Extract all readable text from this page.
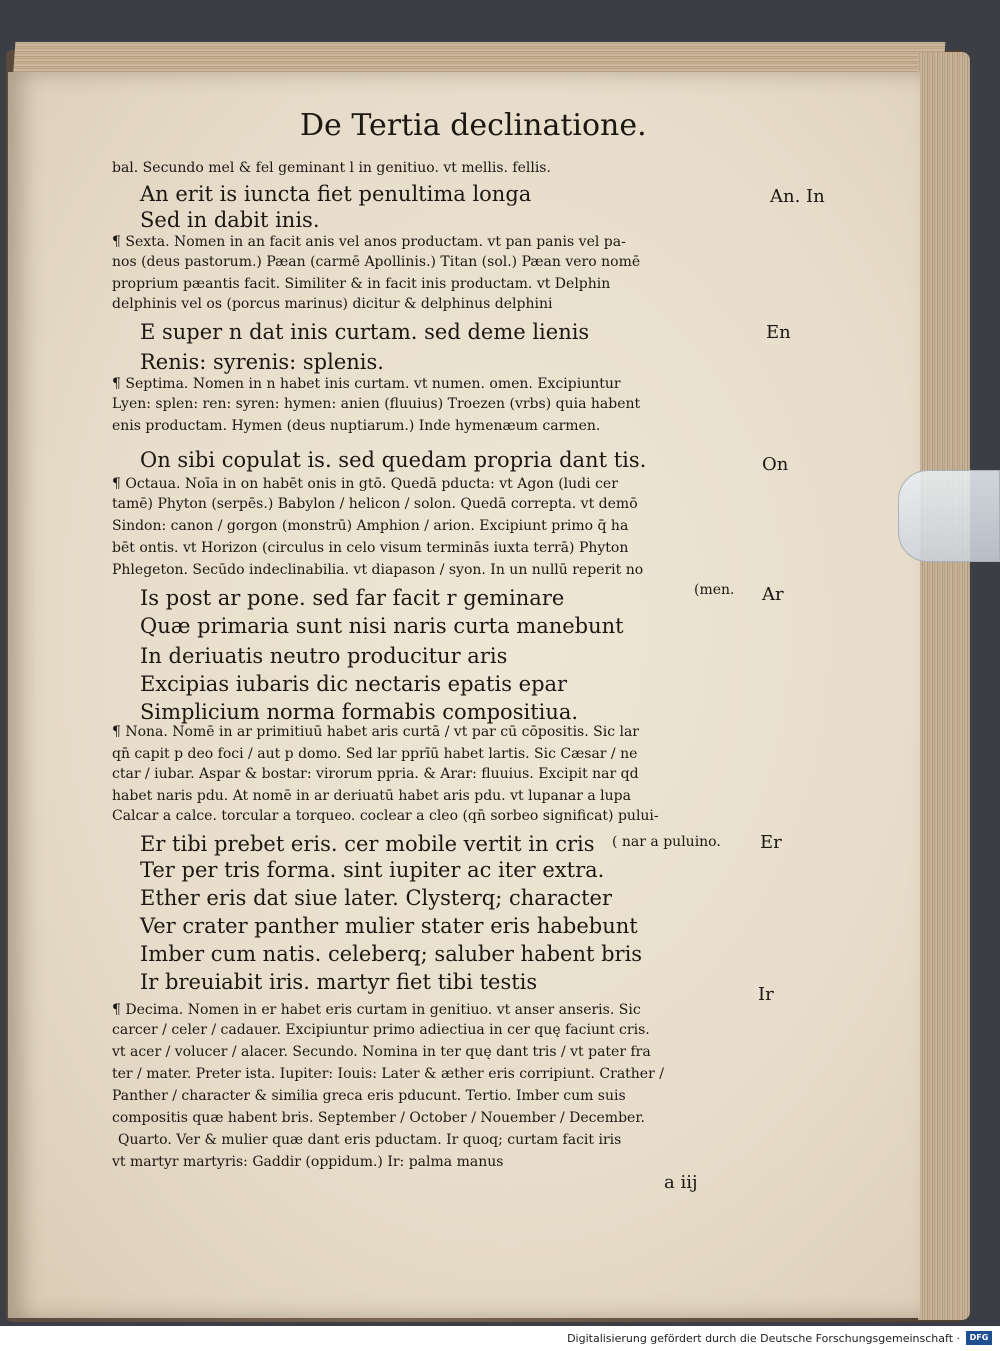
De Tertia declinatione.
bal. Secundo mel & fel geminant l in genitiuo. vt mellis. fellis.
An erit is iuncta fiet penultima longa
Sed in dabit inis.
¶ Sexta. Nomen in an facit anis vel anos productam. vt pan panis vel pa-
nos (deus pastorum.) Pæan (carmē Apollinis.) Titan (sol.) Pæan vero nomē
proprium pæantis facit. Similiter & in facit inis productam. vt Delphin
delphinis vel os (porcus marinus) dicitur & delphinus delphini
E super n dat inis curtam. sed deme lienis
Renis: syrenis: splenis.
¶ Septima. Nomen in n habet inis curtam. vt numen. omen. Excipiuntur
Lyen: splen: ren: syren: hymen: anien (fluuius) Troezen (vrbs) quia habent
enis productam. Hymen (deus nuptiarum.) Inde hymenæum carmen.
On sibi copulat is. sed quedam propria dant tis.
¶ Octaua. Noīa in on habēt onis in gtō. Quedā pducta: vt Agon (ludi cer
tamē) Phyton (serpēs.) Babylon / helicon / solon. Quedā correpta. vt demō
Sindon: canon / gorgon (monstrū) Amphion / arion. Excipiunt primo q̄ ha
bēt ontis. vt Horizon (circulus in celo visum terminās iuxta terrā) Phyton
Phlegeton. Secūdo indeclinabilia. vt diapason / syon. In un nullū reperit no
Is post ar pone. sed far facit r geminare
Quæ primaria sunt nisi naris curta manebunt
In deriuatis neutro producitur aris
Excipias iubaris dic nectaris epatis epar
Simplicium norma formabis compositiua.
¶ Nona. Nomē in ar primitiuū habet aris curtā / vt par cū cōpositis. Sic lar
qn̄ capit p deo foci / aut p domo. Sed lar pprīū habet lartis. Sic Cæsar / ne
ctar / iubar. Aspar & bostar: virorum ppria. & Arar: fluuius. Excipit nar qd
habet naris pdu. At nomē in ar deriuatū habet aris pdu. vt lupanar a lupa
Calcar a calce. torcular a torqueo. coclear a cleo (qn̄ sorbeo significat) pului-
Er tibi prebet eris. cer mobile vertit in cris
Ter per tris forma. sint iupiter ac iter extra.
Ether eris dat siue later. Clysterq; character
Ver crater panther mulier stater eris habebunt
Imber cum natis. celeberq; saluber habent bris
Ir breuiabit iris. martyr fiet tibi testis
¶ Decima. Nomen in er habet eris curtam in genitiuo. vt anser anseris. Sic
carcer / celer / cadauer. Excipiuntur primo adiectiua in cer quę faciunt cris.
vt acer / volucer / alacer. Secundo. Nomina in ter quę dant tris / vt pater fra
ter / mater. Preter ista. Iupiter: Iouis: Later & æther eris corripiunt. Crather /
Panther / character & similia greca eris pducunt. Tertio. Imber cum suis
compositis quæ habent bris. September / October / Nouember / December.
Quarto. Ver & mulier quæ dant eris pductam. Ir quoq; curtam facit iris
vt martyr martyris: Gaddir (oppidum.) Ir: palma manus
An. In
En
On
(men. Ar
( nar a puluino. Er
Ir
a iij
Digitalisierung gefördert durch die Deutsche Forschungsgemeinschaft ·	DFG
